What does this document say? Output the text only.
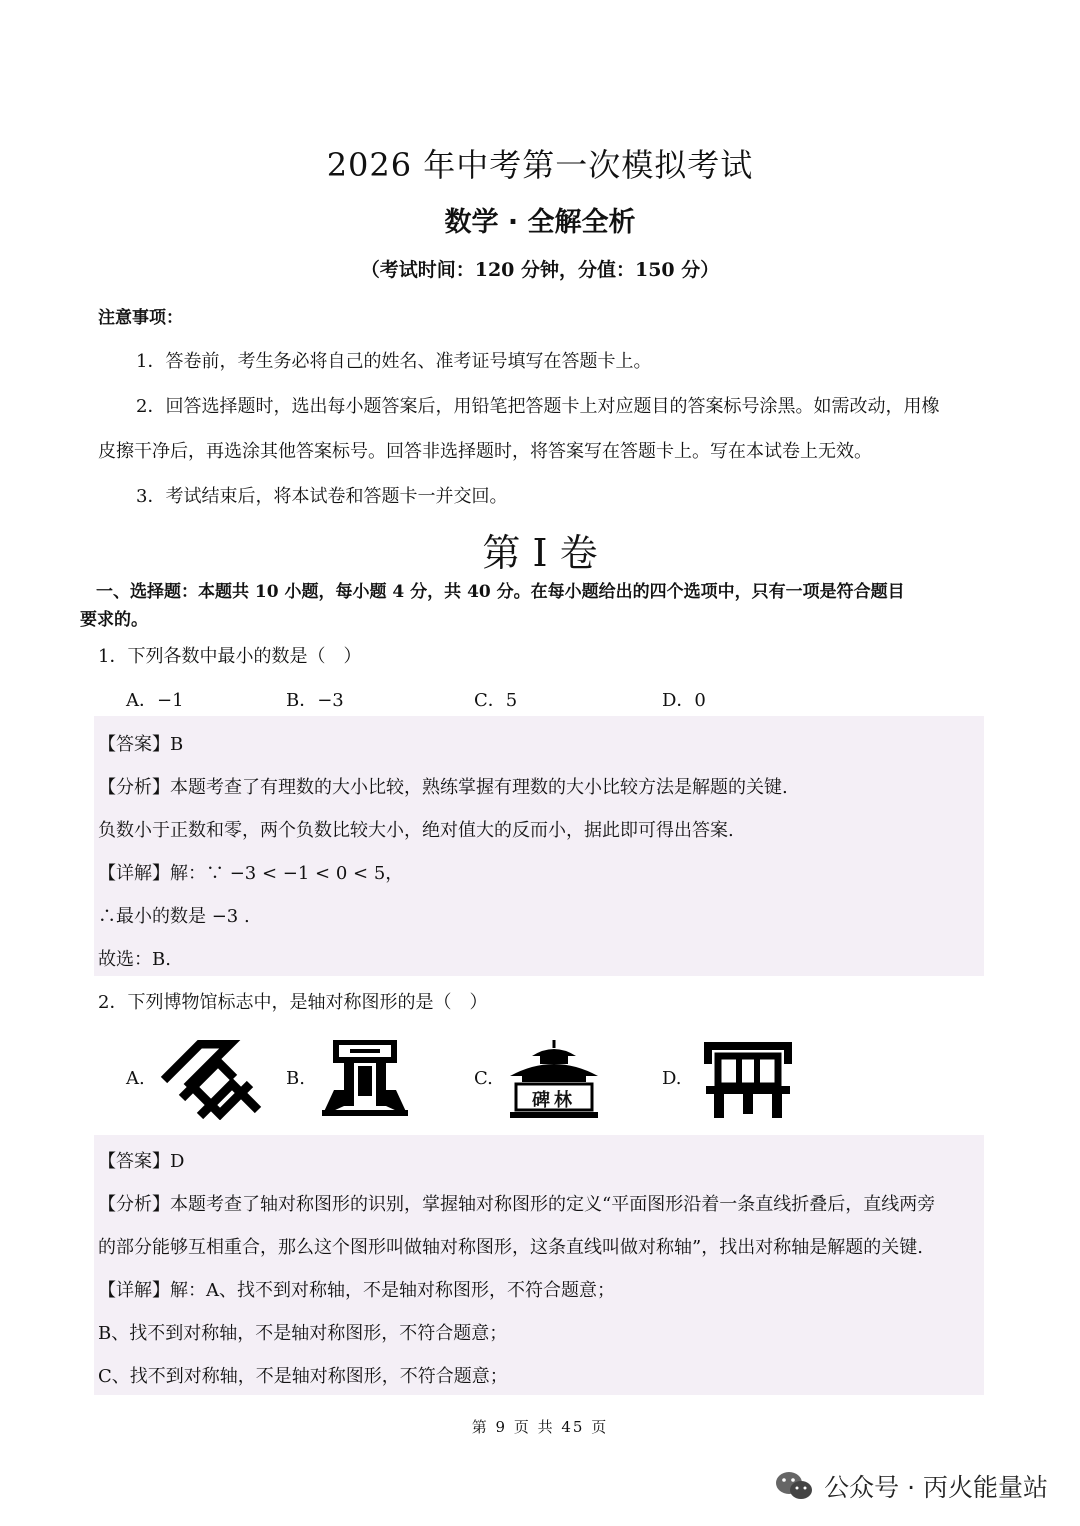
2026 年中考第一次模拟考试
数学 · 全解全析
（考试时间：120 分钟，分值：150 分）
注意事项：
1．答卷前，考生务必将自己的姓名、准考证号填写在答题卡上。
2．回答选择题时，选出每小题答案后，用铅笔把答题卡上对应题目的答案标号涂黑。如需改动，用橡
皮擦干净后，再选涂其他答案标号。回答非选择题时，将答案写在答题卡上。写在本试卷上无效。
3．考试结束后，将本试卷和答题卡一并交回。
第 I 卷
一、选择题：本题共 10 小题，每小题 4 分，共 40 分。在每小题给出的四个选项中，只有一项是符合题目
要求的。
1．下列各数中最小的数是（　）
A．−1	B．−3	C．5	D．0
【答案】B
【分析】本题考查了有理数的大小比较，熟练掌握有理数的大小比较方法是解题的关键.
负数小于正数和零，两个负数比较大小，绝对值大的反而小，据此即可得出答案.
【详解】解：∵ −3 < −1 < 0 < 5，
∴最小的数是 −3 .
故选：B.
2．下列博物馆标志中，是轴对称图形的是（　）
A.	B.	C.	D.
碑林
【答案】D
【分析】本题考查了轴对称图形的识别，掌握轴对称图形的定义“平面图形沿着一条直线折叠后，直线两旁
的部分能够互相重合，那么这个图形叫做轴对称图形，这条直线叫做对称轴”，找出对称轴是解题的关键.
【详解】解：A、找不到对称轴，不是轴对称图形，不符合题意；
B、找不到对称轴，不是轴对称图形，不符合题意；
C、找不到对称轴，不是轴对称图形，不符合题意；
第 9 页 共 45 页
公众号 · 丙火能量站
